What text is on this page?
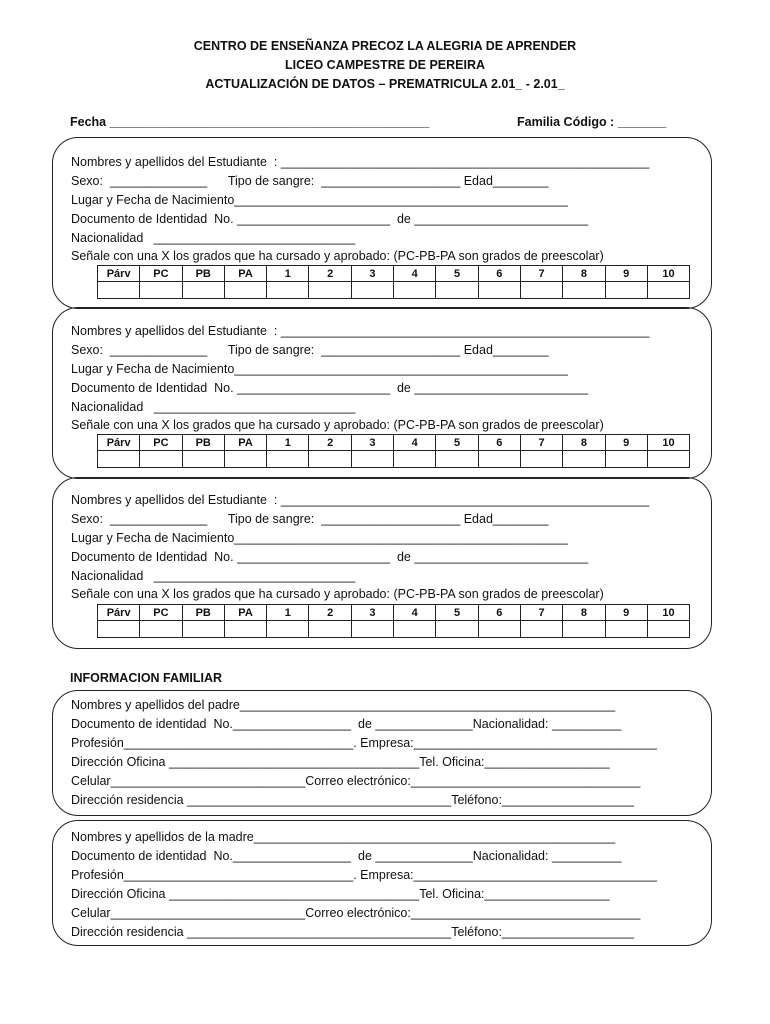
CENTRO DE ENSEÑANZA PRECOZ LA ALEGRIA DE APRENDER
LICEO CAMPESTRE DE PEREIRA
ACTUALIZACIÓN DE DATOS – PREMATRICULA 2.01_ - 2.01_
Fecha ______________________________________________	Familia Código : _______
Nombres y apellidos del Estudiante  : _____________________________________________________
Sexo:  ______________      Tipo de sangre:  ____________________ Edad________
Lugar y Fecha de Nacimiento________________________________________________
Documento de Identidad  No. ______________________  de _________________________
Nacionalidad   _____________________________
Señale con una X los grados que ha cursado y aprobado: (PC-PB-PA son grados de preescolar)
Párv	PC	PB	PA	1	2	3	4	5	6	7	8	9	10

Nombres y apellidos del Estudiante  : _____________________________________________________
Sexo:  ______________      Tipo de sangre:  ____________________ Edad________
Lugar y Fecha de Nacimiento________________________________________________
Documento de Identidad  No. ______________________  de _________________________
Nacionalidad   _____________________________
Señale con una X los grados que ha cursado y aprobado: (PC-PB-PA son grados de preescolar)
Párv	PC	PB	PA	1	2	3	4	5	6	7	8	9	10

Nombres y apellidos del Estudiante  : _____________________________________________________
Sexo:  ______________      Tipo de sangre:  ____________________ Edad________
Lugar y Fecha de Nacimiento________________________________________________
Documento de Identidad  No. ______________________  de _________________________
Nacionalidad   _____________________________
Señale con una X los grados que ha cursado y aprobado: (PC-PB-PA son grados de preescolar)
Párv	PC	PB	PA	1	2	3	4	5	6	7	8	9	10

INFORMACION FAMILIAR
Nombres y apellidos del padre______________________________________________________
Documento de identidad  No._________________  de ______________Nacionalidad: __________
Profesión_________________________________. Empresa:___________________________________
Dirección Oficina ____________________________________Tel. Oficina:__________________
Celular____________________________Correo electrónico:_________________________________
Dirección residencia ______________________________________Teléfono:___________________
Nombres y apellidos de la madre____________________________________________________
Documento de identidad  No._________________  de ______________Nacionalidad: __________
Profesión_________________________________. Empresa:___________________________________
Dirección Oficina ____________________________________Tel. Oficina:__________________
Celular____________________________Correo electrónico:_________________________________
Dirección residencia ______________________________________Teléfono:___________________
